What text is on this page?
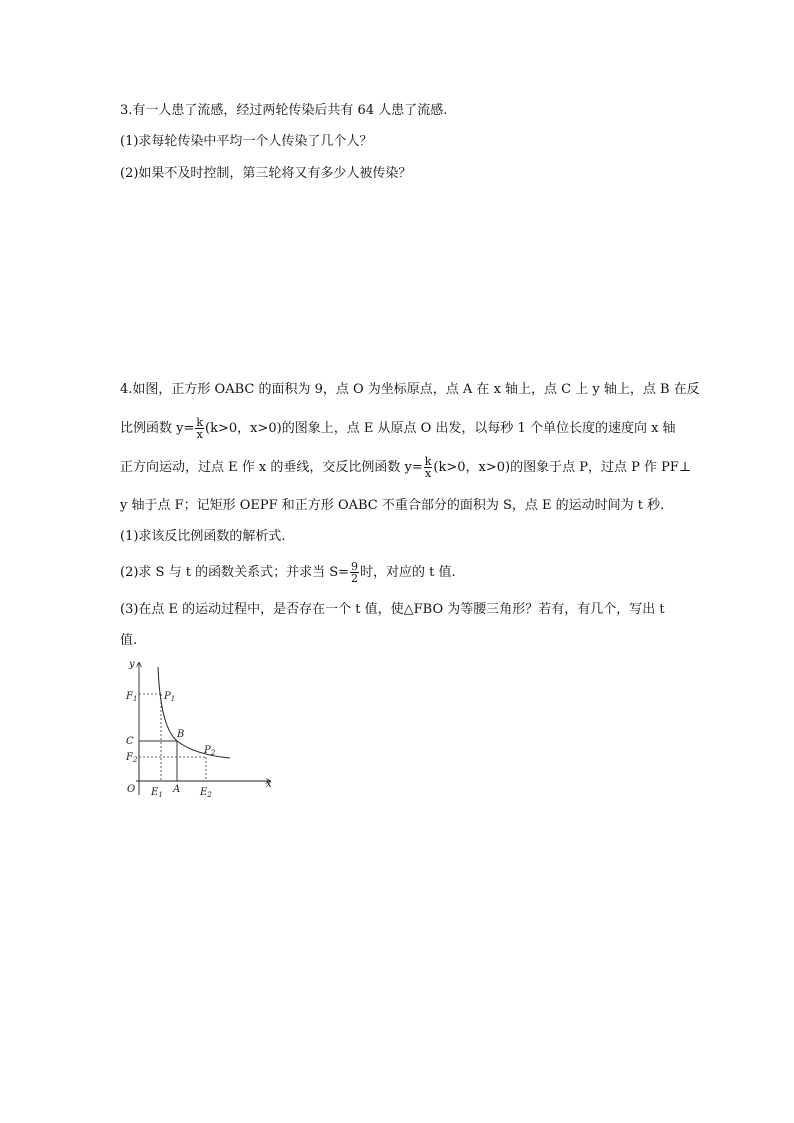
3.有一人患了流感，经过两轮传染后共有 64 人患了流感.
(1)求每轮传染中平均一个人传染了几个人？
(2)如果不及时控制，第三轮将又有多少人被传染？
4.如图，正方形 OABC 的面积为 9，点 O 为坐标原点，点 A 在 x 轴上，点 C 上 y 轴上，点 B 在反
比例函数 $y= \frac{k}{x} (k>0$，x>0)的图象上，点 E 从原点 O 出发，以每秒 1 个单位长度的速度向 x 轴
正方向运动，过点 E 作 x 的垂线，交反比例函数 $y= \frac{k}{x} (k>0$，x>0)的图象于点 P，过点 P 作 PF⊥
y 轴于点 F；记矩形 OEPF 和正方形 OABC 不重合部分的面积为 S，点 E 的运动时间为 t 秒.
(1)求该反比例函数的解析式.
(2)求 S 与 t 的函数关系式；并求当 $S= \frac{9}{2}$ 时，对应的 t 值.
(3)在点 E 的运动过程中，是否存在一个 t 值，使△FBO 为等腰三角形？若有，有几个，写出 t
值.
y
x
O
$F_1$	$P_1$
C
B
$F_2$
$P_2$
$E_1$ A $E_2$
